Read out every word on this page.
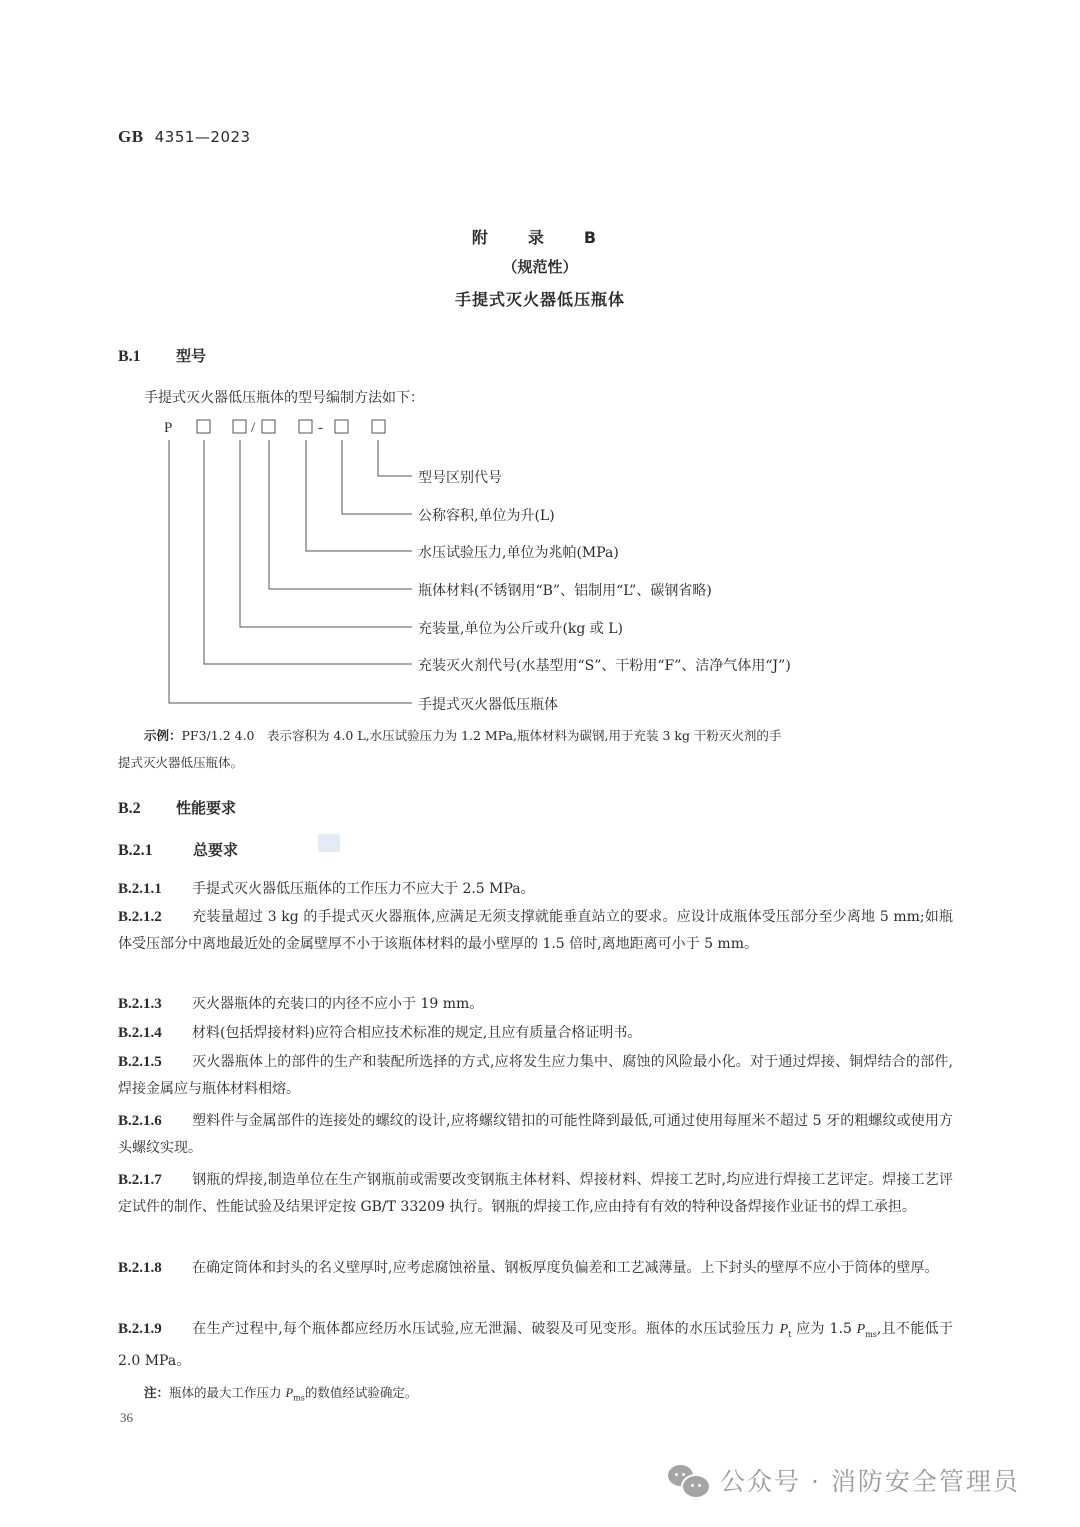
GB 4351—2023
附　录　B
（规范性）
手提式灭火器低压瓶体
B.1 型号
手提式灭火器低压瓶体的型号编制方法如下：
P	/	-
型号区别代号
公称容积,单位为升(L)
水压试验压力,单位为兆帕(MPa)
瓶体材料(不锈钢用“B”、铝制用“L”、碳钢省略)
充装量,单位为公斤或升(kg 或 L)
充装灭火剂代号(水基型用“S”、干粉用“F”、洁净气体用“J”)
手提式灭火器低压瓶体
示例：PF3/1.2 4.0　表示容积为 4.0 L,水压试验压力为 1.2 MPa,瓶体材料为碳钢,用于充装 3 kg 干粉灭火剂的手
提式灭火器低压瓶体。
B.2 性能要求
B.2.1	总要求
B.2.1.1 手提式灭火器低压瓶体的工作压力不应大于 2.5 MPa。
B.2.1.2 充装量超过 3 kg 的手提式灭火器瓶体,应满足无须支撑就能垂直站立的要求。应设计成瓶体受压部分至少离地 5 mm;如瓶体受压部分中离地最近处的金属壁厚不小于该瓶体材料的最小壁厚的 1.5 倍时,离地距离可小于 5 mm。
B.2.1.3 灭火器瓶体的充装口的内径不应小于 19 mm。
B.2.1.4 材料(包括焊接材料)应符合相应技术标准的规定,且应有质量合格证明书。
B.2.1.5 灭火器瓶体上的部件的生产和装配所选择的方式,应将发生应力集中、腐蚀的风险最小化。对于通过焊接、铜焊结合的部件,焊接金属应与瓶体材料相熔。
B.2.1.6 塑料件与金属部件的连接处的螺纹的设计,应将螺纹错扣的可能性降到最低,可通过使用每厘米不超过 5 牙的粗螺纹或使用方头螺纹实现。
B.2.1.7 钢瓶的焊接,制造单位在生产钢瓶前或需要改变钢瓶主体材料、焊接材料、焊接工艺时,均应进行焊接工艺评定。焊接工艺评定试件的制作、性能试验及结果评定按 GB/T 33209 执行。钢瓶的焊接工作,应由持有有效的特种设备焊接作业证书的焊工承担。
B.2.1.8 在确定筒体和封头的名义壁厚时,应考虑腐蚀裕量、钢板厚度负偏差和工艺减薄量。上下封头的壁厚不应小于筒体的壁厚。
B.2.1.9 在生产过程中,每个瓶体都应经历水压试验,应无泄漏、破裂及可见变形。瓶体的水压试验压力 $P_t$ 应为 1.5 $P_{ms}$,且不能低于 2.0 MPa。
注：瓶体的最大工作压力 $P_{ms}$的数值经试验确定。
36
公众号 · 消防安全管理员
